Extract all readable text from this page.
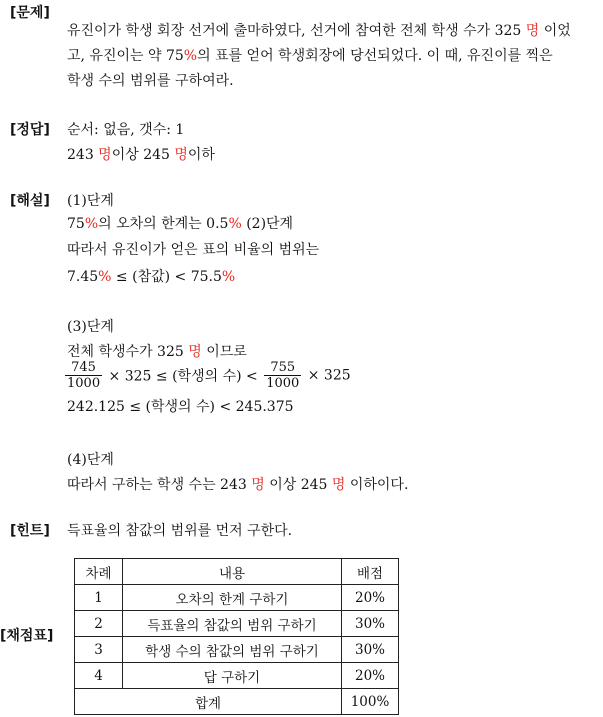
[문제]
유진이가 학생 회장 선거에 출마하였다, 선거에 참여한 전체 학생 수가 325 명 이었
고, 유진이는 약 75%의 표를 얻어 학생회장에 당선되었다. 이 때, 유진이를 찍은
학생 수의 범위를 구하여라.
[정답] 순서: 없음, 갯수: 1
243 명이상 245 명이하
[해설] (1)단계
75%의 오차의 한계는 0.5% (2)단계
따라서 유진이가 얻은 표의 비율의 범위는
7.45% ≤ (참값) < 75.5%
(3)단계
전체 학생수가 325 명 이므로
$\frac{745}{1000} \times 325$ ≤ (학생의 수) < $\frac{755}{1000} \times 325$
242.125 ≤ (학생의 수) < 245.375
(4)단계
따라서 구하는 학생 수는 243 명 이상 245 명 이하이다.
[힌트] 득표율의 참값의 범위를 먼저 구한다.
[채점표]
차례	내용	배점
1	오차의 한계 구하기	20%
2	득표율의 참값의 범위 구하기	30%
3	학생 수의 참값의 범위 구하기	30%
4	답 구하기	20%
합계		100%
